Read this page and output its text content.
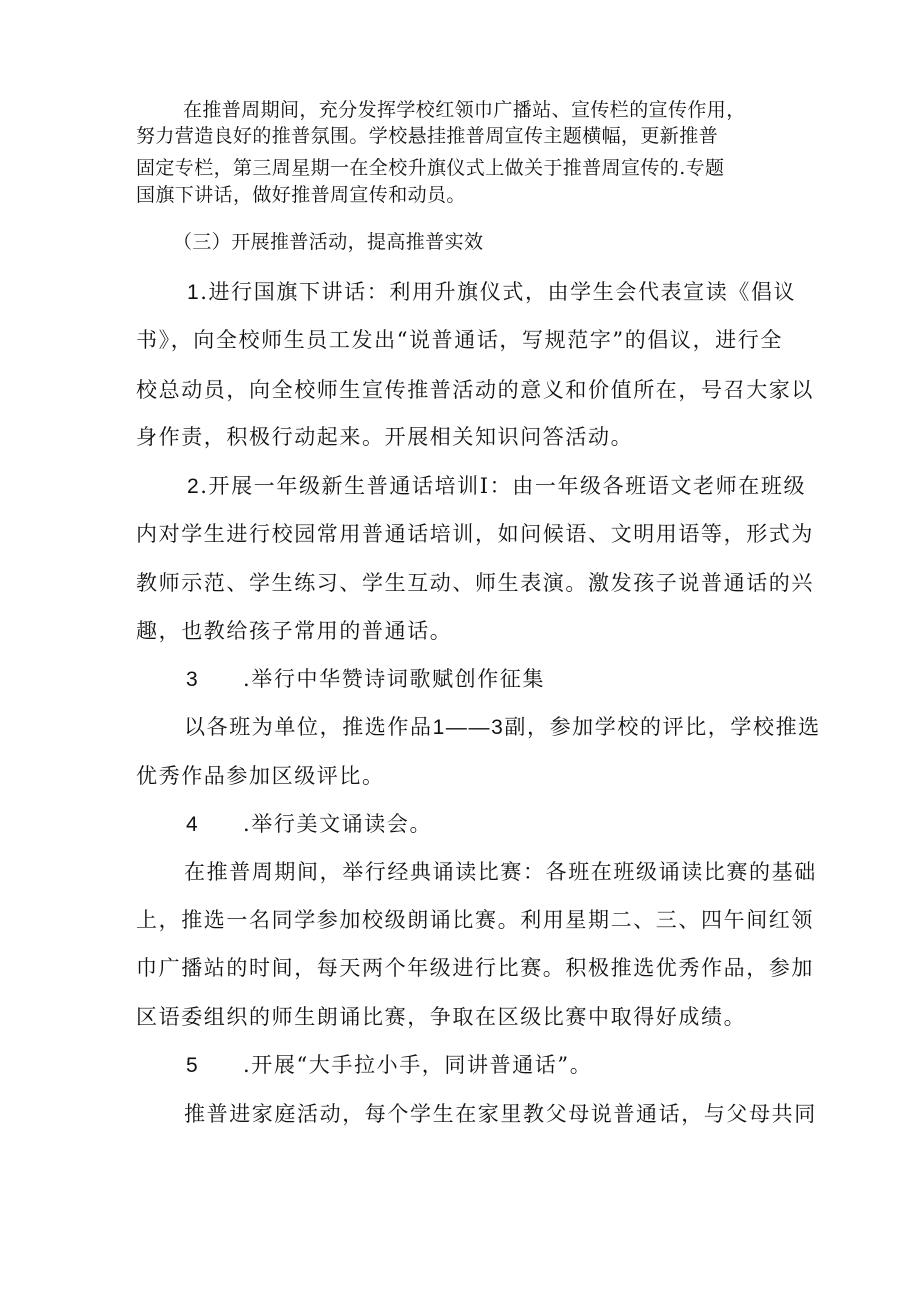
在推普周期间，充分发挥学校红领巾广播站、宣传栏的宣传作用，

努力营造良好的推普氛围。学校悬挂推普周宣传主题横幅，更新推普

固定专栏，第三周星期一在全校升旗仪式上做关于推普周宣传的.专题

国旗下讲话，做好推普周宣传和动员。

（三）开展推普活动，提高推普实效

1.进行国旗下讲话：利用升旗仪式，由学生会代表宣读《倡议

书》，向全校师生员工发出“说普通话，写规范字”的倡议，进行全

校总动员，向全校师生宣传推普活动的意义和价值所在，号召大家以

身作责，积极行动起来。开展相关知识问答活动。

2.开展一年级新生普通话培训I：由一年级各班语文老师在班级

内对学生进行校园常用普通话培训，如问候语、文明用语等，形式为

教师示范、学生练习、学生互动、师生表演。激发孩子说普通话的兴

趣，也教给孩子常用的普通话。

3 .举行中华赞诗词歌赋创作征集

以各班为单位，推选作品1——3副，参加学校的评比，学校推选

优秀作品参加区级评比。

4 .举行美文诵读会。

在推普周期间，举行经典诵读比赛：各班在班级诵读比赛的基础

上，推选一名同学参加校级朗诵比赛。利用星期二、三、四午间红领

巾广播站的时间，每天两个年级进行比赛。积极推选优秀作品，参加

区语委组织的师生朗诵比赛，争取在区级比赛中取得好成绩。

5 .开展“大手拉小手，同讲普通话”。

推普进家庭活动，每个学生在家里教父母说普通话，与父母共同
